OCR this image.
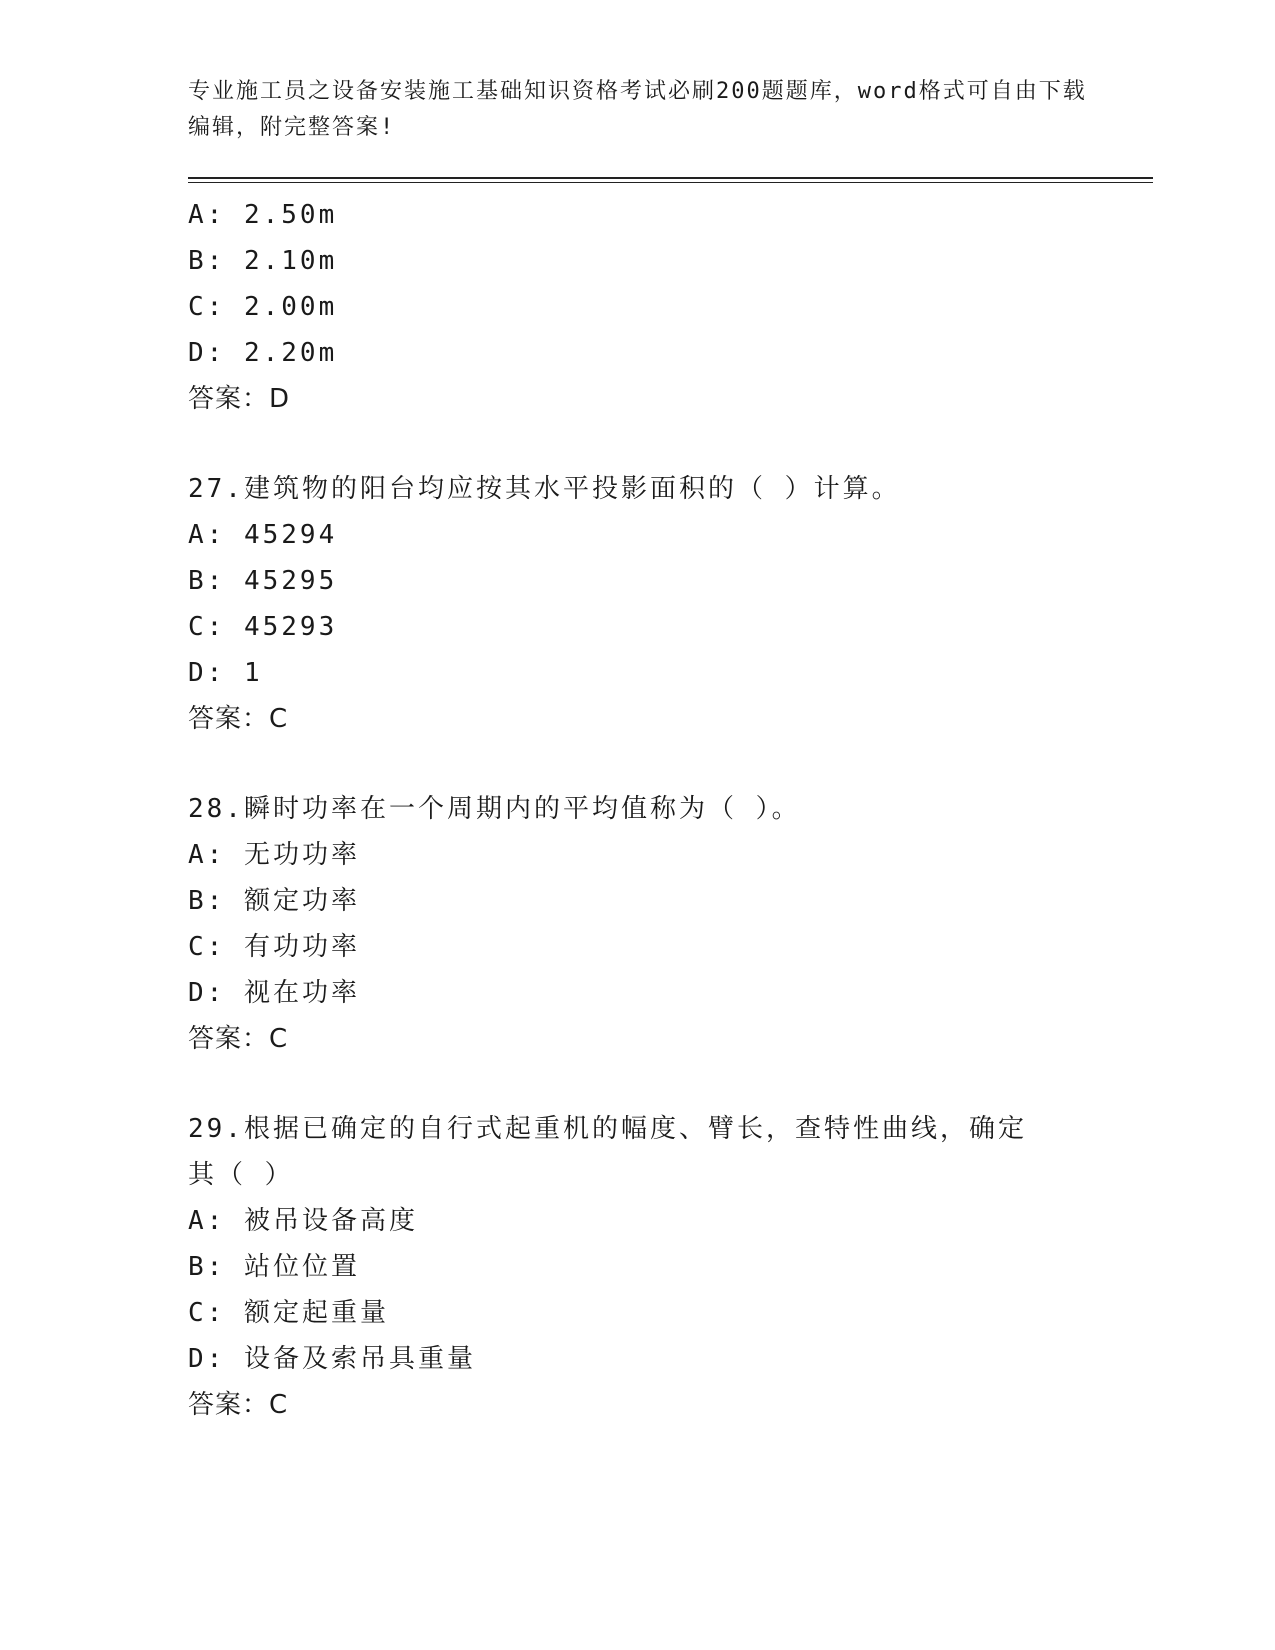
专业施工员之设备安装施工基础知识资格考试必刷200题题库，word格式可自由下载编辑，附完整答案!
A: 2.50m
B: 2.10m
C: 2.00m
D: 2.20m
答案：D
27.建筑物的阳台均应按其水平投影面积的（ ）计算。
A: 45294
B: 45295
C: 45293
D: 1
答案：C
28.瞬时功率在一个周期内的平均值称为（ ）。
A: 无功功率
B: 额定功率
C: 有功功率
D: 视在功率
答案：C
29.根据已确定的自行式起重机的幅度、臂长，查特性曲线，确定其（ ）
A: 被吊设备高度
B: 站位位置
C: 额定起重量
D: 设备及索吊具重量
答案：C
